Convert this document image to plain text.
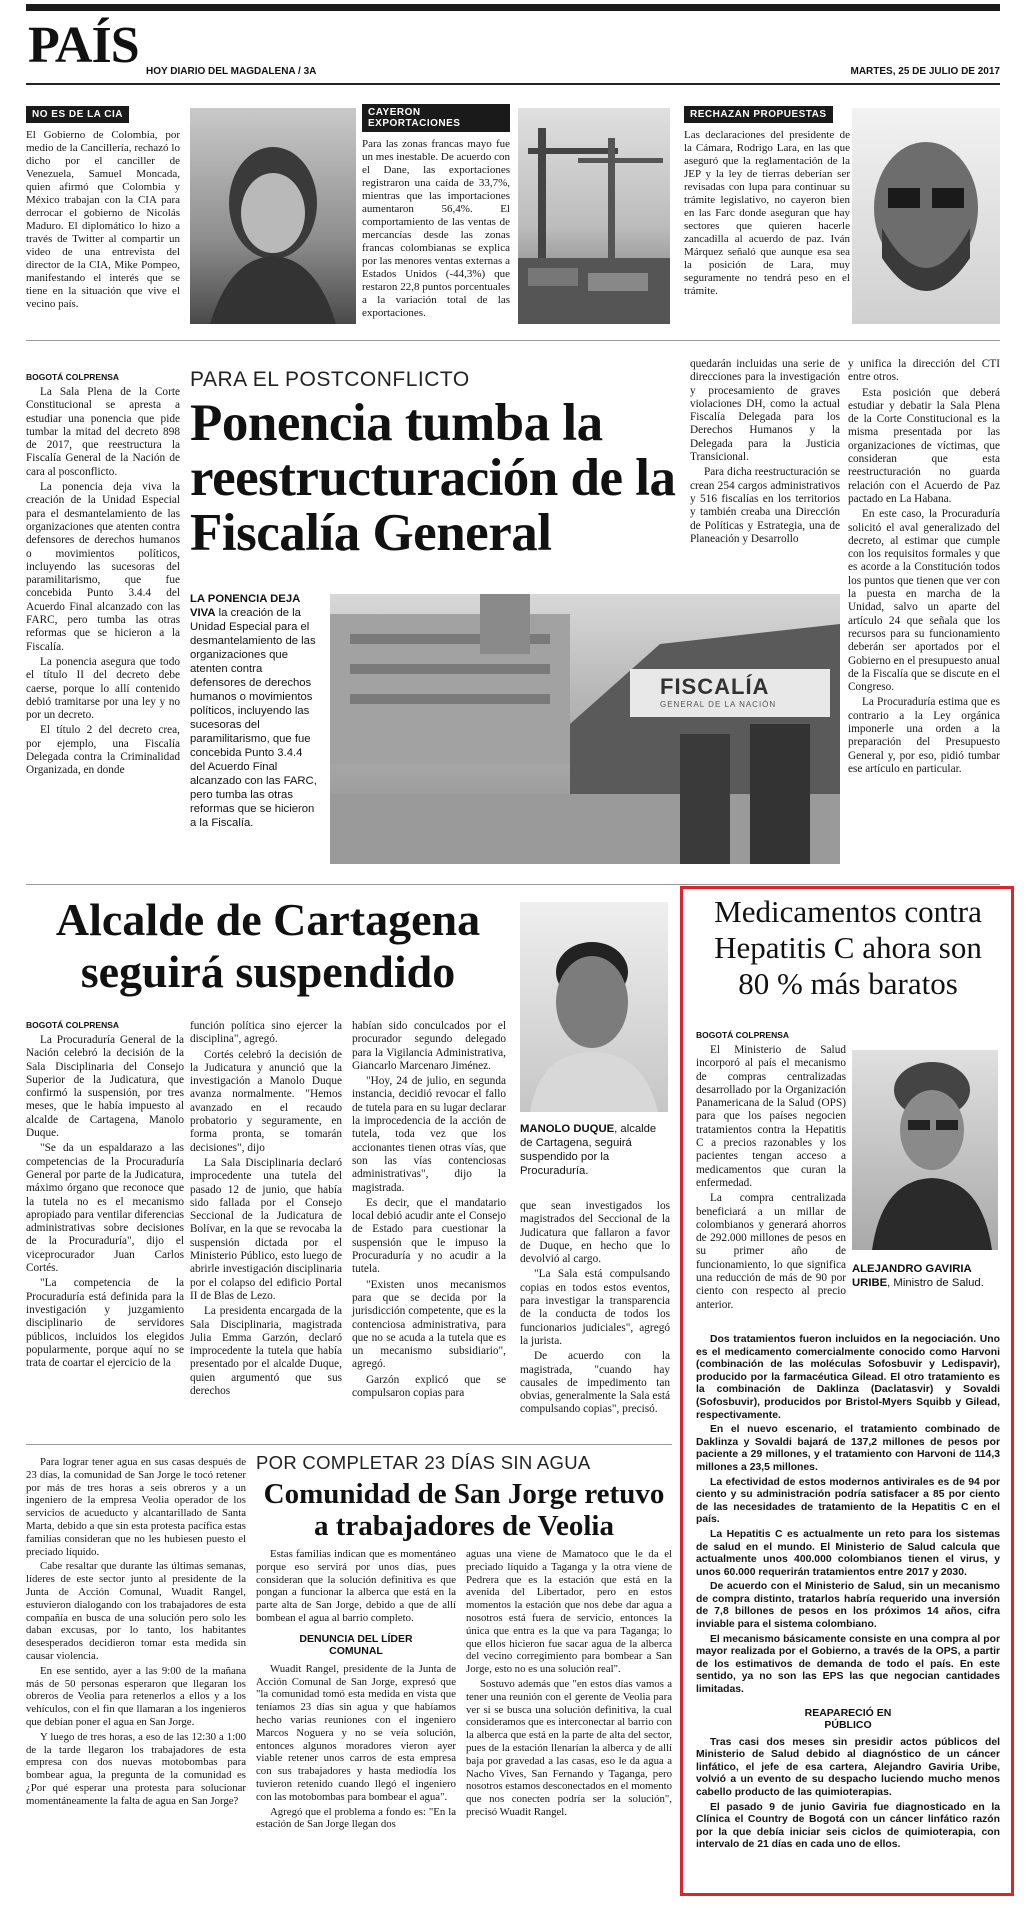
PAÍS HOY DIARIO DEL MAGDALENA / 3A	MARTES, 25 DE JULIO DE 2017
NO ES DE LA CIA
El Gobierno de Colombia, por medio de la Cancillería, rechazó lo dicho por el canciller de Venezuela, Samuel Moncada, quien afirmó que Colombia y México trabajan con la CIA para derrocar el gobierno de Nicolás Maduro. El diplomático lo hizo a través de Twitter al compartir un video de una entrevista del director de la CIA, Mike Pompeo, manifestando el interés que se tiene en la situación que vive el vecino país.
CAYERON EXPORTACIONES
Para las zonas francas mayo fue un mes inestable. De acuerdo con el Dane, las exportaciones registraron una caída de 33,7%, mientras que las importaciones aumentaron 56,4%. El comportamiento de las ventas de mercancías desde las zonas francas colombianas se explica por las menores ventas externas a Estados Unidos (-44,3%) que restaron 22,8 puntos porcentuales a la variación total de las exportaciones.
RECHAZAN PROPUESTAS
Las declaraciones del presidente de la Cámara, Rodrigo Lara, en las que aseguró que la reglamentación de la JEP y la ley de tierras deberían ser revisadas con lupa para continuar su trámite legislativo, no cayeron bien en las Farc donde aseguran que hay sectores que quieren hacerle zancadilla al acuerdo de paz. Iván Márquez señaló que aunque esa sea la posición de Lara, muy seguramente no tendrá peso en el trámite.
BOGOTÁ COLPRENSA

La Sala Plena de la Corte Constitucional se apresta a estudiar una ponencia que pide tumbar la mitad del decreto 898 de 2017, que reestructura la Fiscalía General de la Nación de cara al posconflicto.

La ponencia deja viva la creación de la Unidad Especial para el desmantelamiento de las organizaciones que atenten contra defensores de derechos humanos o movimientos políticos, incluyendo las sucesoras del paramilitarismo, que fue concebida Punto 3.4.4 del Acuerdo Final alcanzado con las FARC, pero tumba las otras reformas que se hicieron a la Fiscalía.

La ponencia asegura que todo el título II del decreto debe caerse, porque lo allí contenido debió tramitarse por una ley y no por un decreto.

El título 2 del decreto crea, por ejemplo, una Fiscalía Delegada contra la Criminalidad Organizada, en donde

PARA EL POSTCONFLICTO
Ponencia tumba la reestructuración de la Fiscalía General

quedarán incluidas una serie de direcciones para la investigación y procesamiento de graves violaciones DH, como la actual Fiscalía Delegada para los Derechos Humanos y la Delegada para la Justicia Transicional.

Para dicha reestructuración se crean 254 cargos administrativos y 516 fiscalías en los territorios y también creaba una Dirección de Políticas y Estrategia, una de Planeación y Desarrollo

y unifica la dirección del CTI entre otros.

Esta posición que deberá estudiar y debatir la Sala Plena de la Corte Constitucional es la misma presentada por las organizaciones de víctimas, que consideran que esta reestructuración no guarda relación con el Acuerdo de Paz pactado en La Habana.

En este caso, la Procuraduría solicitó el aval generalizado del decreto, al estimar que cumple con los requisitos formales y que es acorde a la Constitución todos los puntos que tienen que ver con la puesta en marcha de la Unidad, salvo un aparte del artículo 24 que señala que los recursos para su funcionamiento deberán ser aportados por el Gobierno en el presupuesto anual de la Fiscalía que se discute en el Congreso.

La Procuraduría estima que es contrario a la Ley orgánica imponerle una orden a la preparación del Presupuesto General y, por eso, pidió tumbar ese artículo en particular.

LA PONENCIA DEJA VIVA la creación de la Unidad Especial para el desmantelamiento de las organizaciones que atenten contra defensores de derechos humanos o movimientos políticos, incluyendo las sucesoras del paramilitarismo, que fue concebida Punto 3.4.4 del Acuerdo Final alcanzado con las FARC, pero tumba las otras reformas que se hicieron a la Fiscalía.
FISCALÍA
GENERAL DE LA NACIÓN
Alcalde de Cartagena seguirá suspendido
BOGOTÁ COLPRENSA

La Procuraduría General de la Nación celebró la decisión de la Sala Disciplinaria del Consejo Superior de la Judicatura, que confirmó la suspensión, por tres meses, que le había impuesto al alcalde de Cartagena, Manolo Duque.

"Se da un espaldarazo a las competencias de la Procuraduría General por parte de la Judicatura, máximo órgano que reconoce que la tutela no es el mecanismo apropiado para ventilar diferencias administrativas sobre decisiones de la Procuraduría", dijo el viceprocurador Juan Carlos Cortés.

"La competencia de la Procuraduría está definida para la investigación y juzgamiento disciplinario de servidores públicos, incluidos los elegidos popularmente, porque aquí no se trata de coartar el ejercicio de la

función política sino ejercer la disciplina", agregó.

Cortés celebró la decisión de la Judicatura y anunció que la investigación a Manolo Duque avanza normalmente. "Hemos avanzado en el recaudo probatorio y seguramente, en forma pronta, se tomarán decisiones", dijo

La Sala Disciplinaria declaró improcedente una tutela del pasado 12 de junio, que había sido fallada por el Consejo Seccional de la Judicatura de Bolívar, en la que se revocaba la suspensión dictada por el Ministerio Público, esto luego de abrirle investigación disciplinaria por el colapso del edificio Portal II de Blas de Lezo.

La presidenta encargada de la Sala Disciplinaria, magistrada Julia Emma Garzón, declaró improcedente la tutela que había presentado por el alcalde Duque, quien argumentó que sus derechos

habían sido conculcados por el procurador segundo delegado para la Vigilancia Administrativa, Giancarlo Marcenaro Jiménez.

"Hoy, 24 de julio, en segunda instancia, decidió revocar el fallo de tutela para en su lugar declarar la improcedencia de la acción de tutela, toda vez que los accionantes tienen otras vías, que son las vías contenciosas administrativas", dijo la magistrada.

Es decir, que el mandatario local debió acudir ante el Consejo de Estado para cuestionar la suspensión que le impuso la Procuraduría y no acudir a la tutela.

"Existen unos mecanismos para que se decida por la jurisdicción competente, que es la contenciosa administrativa, para que no se acuda a la tutela que es un mecanismo subsidiario", agregó.

Garzón explicó que se compulsaron copias para

MANOLO DUQUE, alcalde de Cartagena, seguirá suspendido por la Procuraduría.

que sean investigados los magistrados del Seccional de la Judicatura que fallaron a favor de Duque, en hecho que lo devolvió al cargo.

"La Sala está compulsando copias en todos estos eventos, para investigar la transparencia de la conducta de todos los funcionarios judiciales", agregó la jurista.

De acuerdo con la magistrada, "cuando hay causales de impedimento tan obvias, generalmente la Sala está compulsando copias", precisó.

Medicamentos contra Hepatitis C ahora son 80 % más baratos
BOGOTÁ COLPRENSA

El Ministerio de Salud incorporó al país el mecanismo de compras centralizadas desarrollado por la Organización Panamericana de la Salud (OPS) para que los países negocien tratamientos contra la Hepatitis C a precios razonables y los pacientes tengan acceso a medicamentos que curan la enfermedad.

La compra centralizada beneficiará a un millar de colombianos y generará ahorros de 292.000 millones de pesos en su primer año de funcionamiento, lo que significa una reducción de más de 90 por ciento con respecto al precio anterior.

ALEJANDRO GAVIRIA URIBE, Ministro de Salud.

Dos tratamientos fueron incluidos en la negociación. Uno es el medicamento comercialmente conocido como Harvoni (combinación de las moléculas Sofosbuvir y Ledispavir), producido por la farmacéutica Gilead. El otro tratamiento es la combinación de Daklinza (Daclatasvir) y Sovaldi (Sofosbuvir), producidos por Bristol-Myers Squibb y Gilead, respectivamente.

En el nuevo escenario, el tratamiento combinado de Daklinza y Sovaldi bajará de 137,2 millones de pesos por paciente a 29 millones, y el tratamiento con Harvoni de 114,3 millones a 23,5 millones.

La efectividad de estos modernos antivirales es de 94 por ciento y su administración podría satisfacer a 85 por ciento de las necesidades de tratamiento de la Hepatitis C en el país.

La Hepatitis C es actualmente un reto para los sistemas de salud en el mundo. El Ministerio de Salud calcula que actualmente unos 400.000 colombianos tienen el virus, y unos 60.000 requerirán tratamientos entre 2017 y 2030.

De acuerdo con el Ministerio de Salud, sin un mecanismo de compra distinto, tratarlos habría requerido una inversión de 7,8 billones de pesos en los próximos 14 años, cifra inviable para el sistema colombiano.

El mecanismo básicamente consiste en una compra al por mayor realizada por el Gobierno, a través de la OPS, a partir de los estimativos de demanda de todo el país. En este sentido, ya no son las EPS las que negocian cantidades limitadas.

REAPARECIÓ EN PÚBLICO

Tras casi dos meses sin presidir actos públicos del Ministerio de Salud debido al diagnóstico de un cáncer linfático, el jefe de esa cartera, Alejandro Gaviria Uribe, volvió a un evento de su despacho luciendo mucho menos cabello producto de las quimioterapias.

El pasado 9 de junio Gaviria fue diagnosticado en la Clínica el Country de Bogotá con un cáncer linfático razón por la que debía iniciar seis ciclos de quimioterapia, con intervalo de 21 días en cada uno de ellos.

Para lograr tener agua en sus casas después de 23 días, la comunidad de San Jorge le tocó retener por más de tres horas a seis obreros y a un ingeniero de la empresa Veolia operador de los servicios de acueducto y alcantarillado de Santa Marta, debido a que sin esta protesta pacífica estas familias consideran que no les hubiesen puesto el preciado líquido.

Cabe resaltar que durante las últimas semanas, líderes de este sector junto al presidente de la Junta de Acción Comunal, Wuadit Rangel, estuvieron dialogando con los trabajadores de esta compañía en busca de una solución pero solo les daban excusas, por lo tanto, los habitantes desesperados decidieron tomar esta medida sin causar violencia.

En ese sentido, ayer a las 9:00 de la mañana más de 50 personas esperaron que llegaran los obreros de Veolia para retenerlos a ellos y a los vehículos, con el fin que llamaran a los ingenieros que debían poner el agua en San Jorge.

Y luego de tres horas, a eso de las 12:30 a 1:00 de la tarde llegaron los trabajadores de esta empresa con dos nuevas motobombas para bombear agua, la pregunta de la comunidad es ¿Por qué esperar una protesta para solucionar momentáneamente la falta de agua en San Jorge?

POR COMPLETAR 23 DÍAS SIN AGUA
Comunidad de San Jorge retuvo a trabajadores de Veolia

Estas familias indican que es momentáneo porque eso servirá por unos días, pues consideran que la solución definitiva es que pongan a funcionar la alberca que está en la parte alta de San Jorge, debido a que de allí bombean el agua al barrio completo.

DENUNCIA DEL LÍDER COMUNAL

Wuadit Rangel, presidente de la Junta de Acción Comunal de San Jorge, expresó que "la comunidad tomó esta medida en vista que teníamos 23 días sin agua y que habíamos hecho varias reuniones con el ingeniero Marcos Noguera y no se veía solución, entonces algunos moradores vieron ayer viable retener unos carros de esta empresa con sus trabajadores y hasta mediodía los tuvieron retenido cuando llegó el ingeniero con las motobombas para bombear el agua".

Agregó que el problema a fondo es: "En la estación de San Jorge llegan dos

aguas una viene de Mamatoco que le da el preciado líquido a Taganga y la otra viene de Pedrera que es la estación que está en la avenida del Libertador, pero en estos momentos la estación que nos debe dar agua a nosotros está fuera de servicio, entonces la única que entra es la que va para Taganga; lo que ellos hicieron fue sacar agua de la alberca del vecino corregimiento para bombear a San Jorge, esto no es una solución real".

Sostuvo además que "en estos días vamos a tener una reunión con el gerente de Veolia para ver si se busca una solución definitiva, la cual consideramos que es interconectar al barrio con la alberca que está en la parte de alta del sector, pues de la estación llenarían la alberca y de allí baja por gravedad a las casas, eso le da agua a Nacho Vives, San Fernando y Taganga, pero nosotros estamos desconectados en el momento que nos conecten podría ser la solución", precisó Wuadit Rangel.
